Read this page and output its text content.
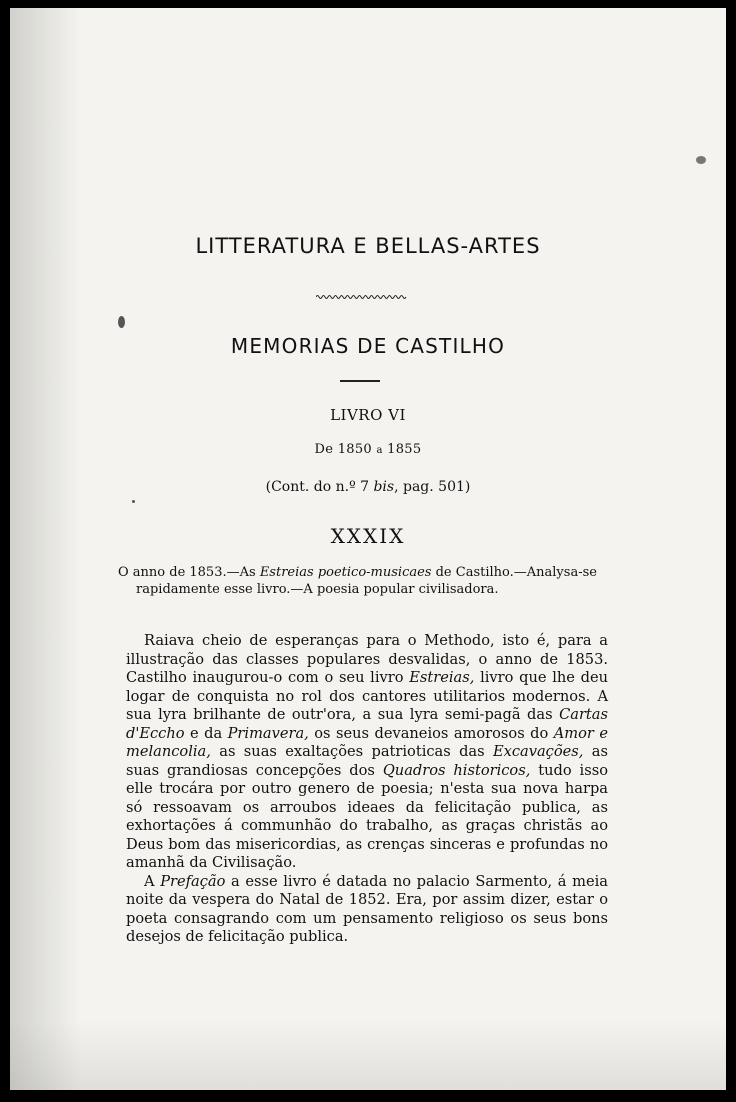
LITTERATURA E BELLAS-ARTES
MEMORIAS DE CASTILHO
LIVRO VI
De 1850 a 1855
(Cont. do n.º 7 bis, pag. 501)
XXXIX
O anno de 1853.—As Estreias poetico-musicaes de Castilho.—Analysa-se
rapidamente esse livro.—A poesia popular civilisadora.

Raiava cheio de esperanças para o Methodo, isto é, para a illustração das classes populares desvalidas, o anno de 1853. Castilho inaugurou-o com o seu livro Estreias, livro que lhe deu logar de conquista no rol dos cantores utilitarios modernos. A sua lyra brilhante de outr'ora, a sua lyra semi-pagã das Cartas d'Eccho e da Primavera, os seus devaneios amorosos do Amor e melancolia, as suas exaltações patrioticas das Excavações, as suas grandiosas concepções dos Quadros historicos, tudo isso elle trocára por outro genero de poesia; n'esta sua nova harpa só ressoavam os arroubos ideaes da felicitação publica, as exhortações á communhão do trabalho, as graças christãs ao Deus bom das misericordias, as crenças sinceras e profundas no amanhã da Civilisação.

A Prefação a esse livro é datada no palacio Sarmento, á meia noite da vespera do Natal de 1852. Era, por assim dizer, estar o poeta consagrando com um pensamento religioso os seus bons desejos de felicitação publica.
